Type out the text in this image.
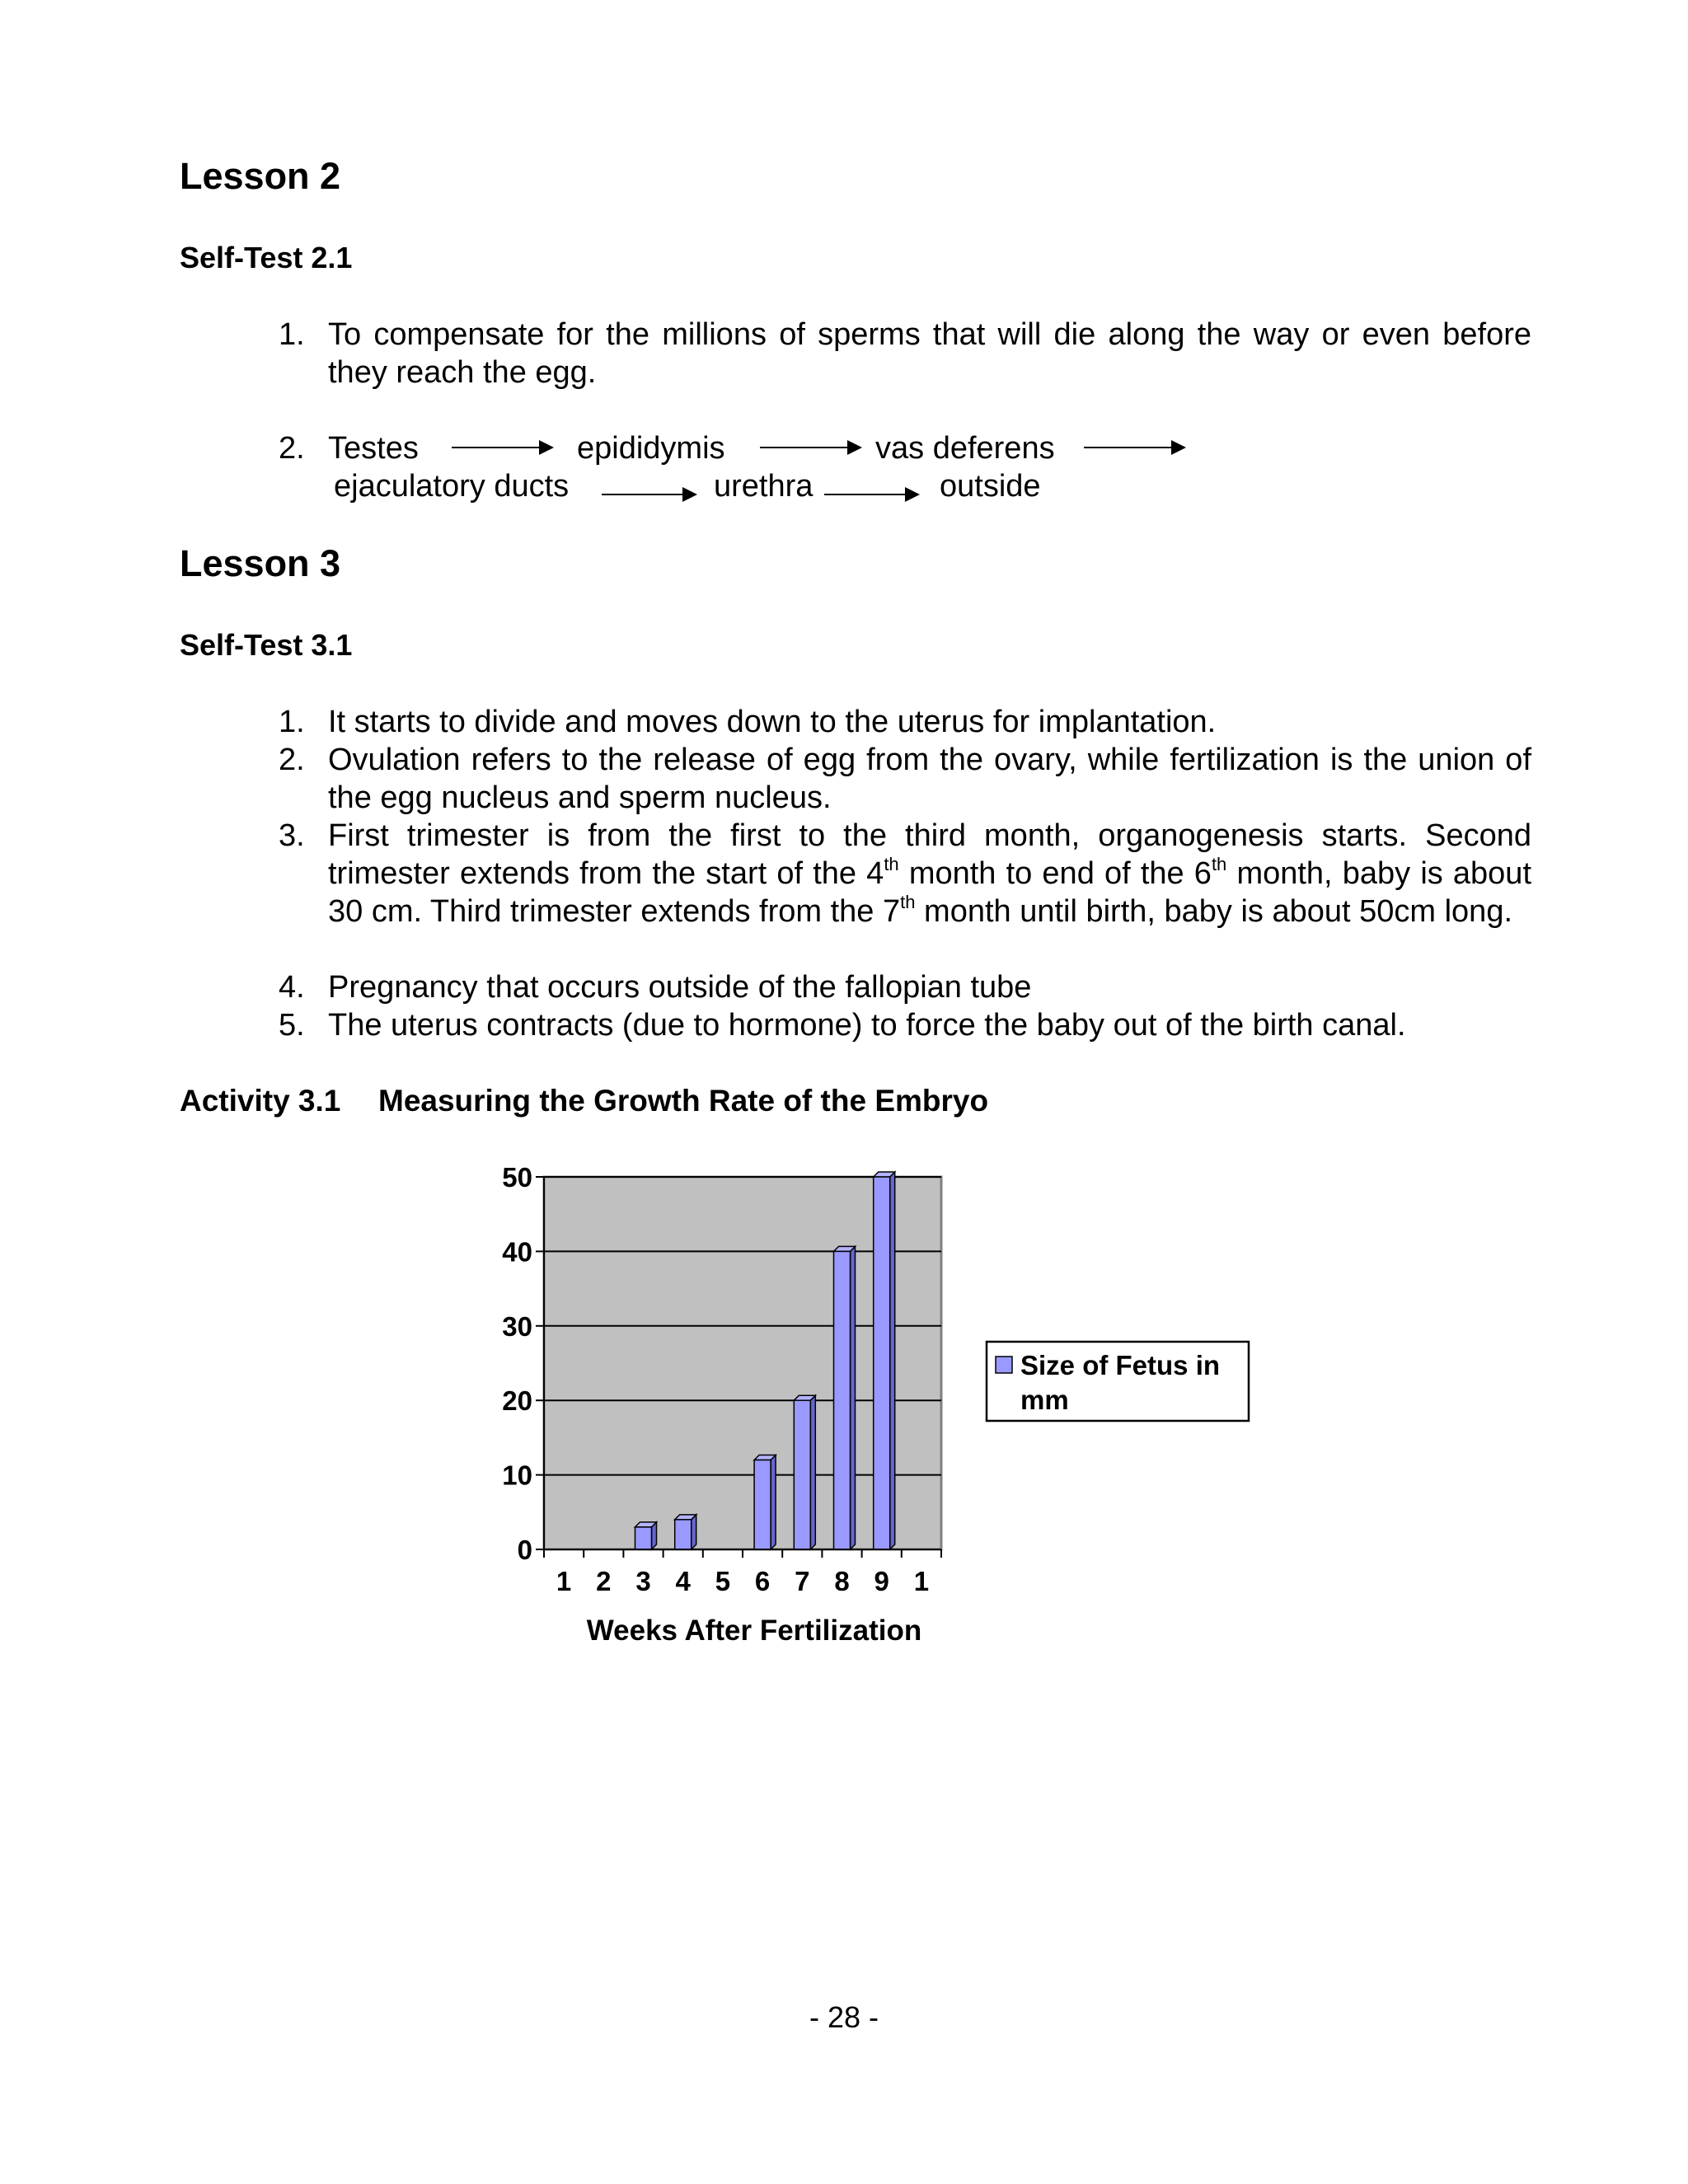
Lesson 2
Self-Test 2.1
1. To compensate for the millions of sperms that will die along the way or even before they reach the egg.
2. Testes	epididymis	vas deferens
ejaculatory ducts	urethra	outside
Lesson 3
Self-Test 3.1
1. It starts to divide and moves down to the uterus for implantation.
2. Ovulation refers to the release of egg from the ovary, while fertilization is the union of the egg nucleus and sperm nucleus.
3. First trimester is from the first to the third month, organogenesis starts. Second trimester extends from the start of the 4th month to end of the 6th month, baby is about 30 cm. Third trimester extends from the 7th month until birth, baby is about 50cm long.
4. Pregnancy that occurs outside of the fallopian tube
5. The uterus contracts (due to hormone) to force the baby out of the birth canal.
Activity 3.1 Measuring the Growth Rate of the Embryo
0
10
20
30
40
50
1 2 3 4 5 6 7 8 9 1
Weeks After Fertilization
Size of Fetus in
mm
- 28 -
